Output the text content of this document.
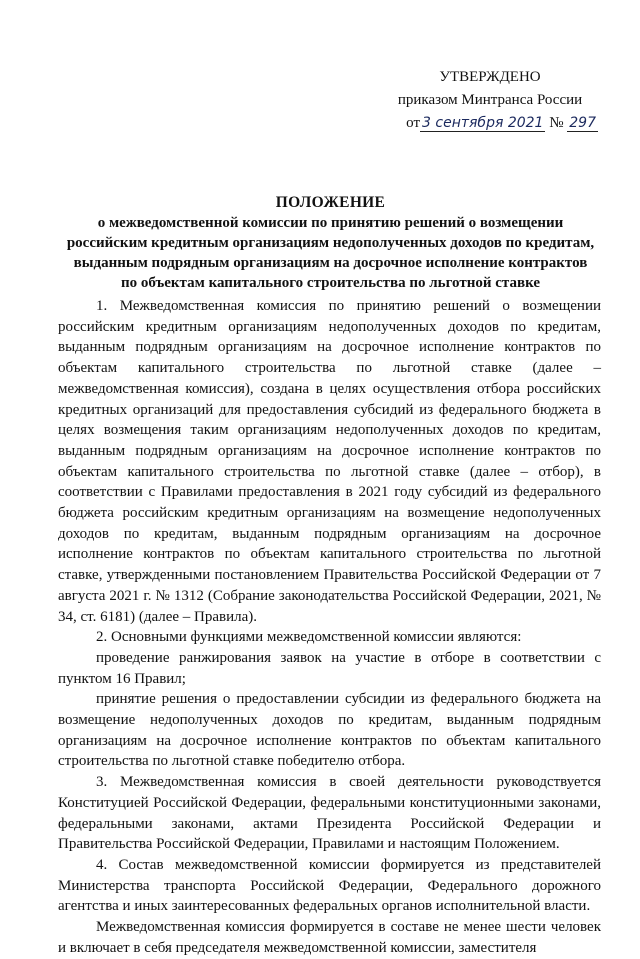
УТВЕРЖДЕНО
приказом Минтранса России
от 3 сентября 2021 № 297
ПОЛОЖЕНИЕ
о межведомственной комиссии по принятию решений о возмещении
российским кредитным организациям недополученных доходов по кредитам,
выданным подрядным организациям на досрочное исполнение контрактов
по объектам капитального строительства по льготной ставке

1. Межведомственная комиссия по принятию решений о возмещении российским кредитным организациям недополученных доходов по кредитам, выданным подрядным организациям на досрочное исполнение контрактов по объектам капитального строительства по льготной ставке (далее – межведомственная комиссия), создана в целях осуществления отбора российских кредитных организаций для предоставления субсидий из федерального бюджета в целях возмещения таким организациям недополученных доходов по кредитам, выданным подрядным организациям на досрочное исполнение контрактов по объектам капитального строительства по льготной ставке (далее – отбор), в соответствии с Правилами предоставления в 2021 году субсидий из федерального бюджета российским кредитным организациям на возмещение недополученных доходов по кредитам, выданным подрядным организациям на досрочное исполнение контрактов по объектам капитального строительства по льготной ставке, утвержденными постановлением Правительства Российской Федерации от 7 августа 2021 г. № 1312 (Собрание законодательства Российской Федерации, 2021, № 34, ст. 6181) (далее – Правила).

2. Основными функциями межведомственной комиссии являются:

проведение ранжирования заявок на участие в отборе в соответствии с пунктом 16 Правил;

принятие решения о предоставлении субсидии из федерального бюджета на возмещение недополученных доходов по кредитам, выданным подрядным организациям на досрочное исполнение контрактов по объектам капитального строительства по льготной ставке победителю отбора.

3. Межведомственная комиссия в своей деятельности руководствуется Конституцией Российской Федерации, федеральными конституционными законами, федеральными законами, актами Президента Российской Федерации и Правительства Российской Федерации, Правилами и настоящим Положением.

4. Состав межведомственной комиссии формируется из представителей Министерства транспорта Российской Федерации, Федерального дорожного агентства и иных заинтересованных федеральных органов исполнительной власти.

Межведомственная комиссия формируется в составе не менее шести человек и включает в себя председателя межведомственной комиссии, заместителя
